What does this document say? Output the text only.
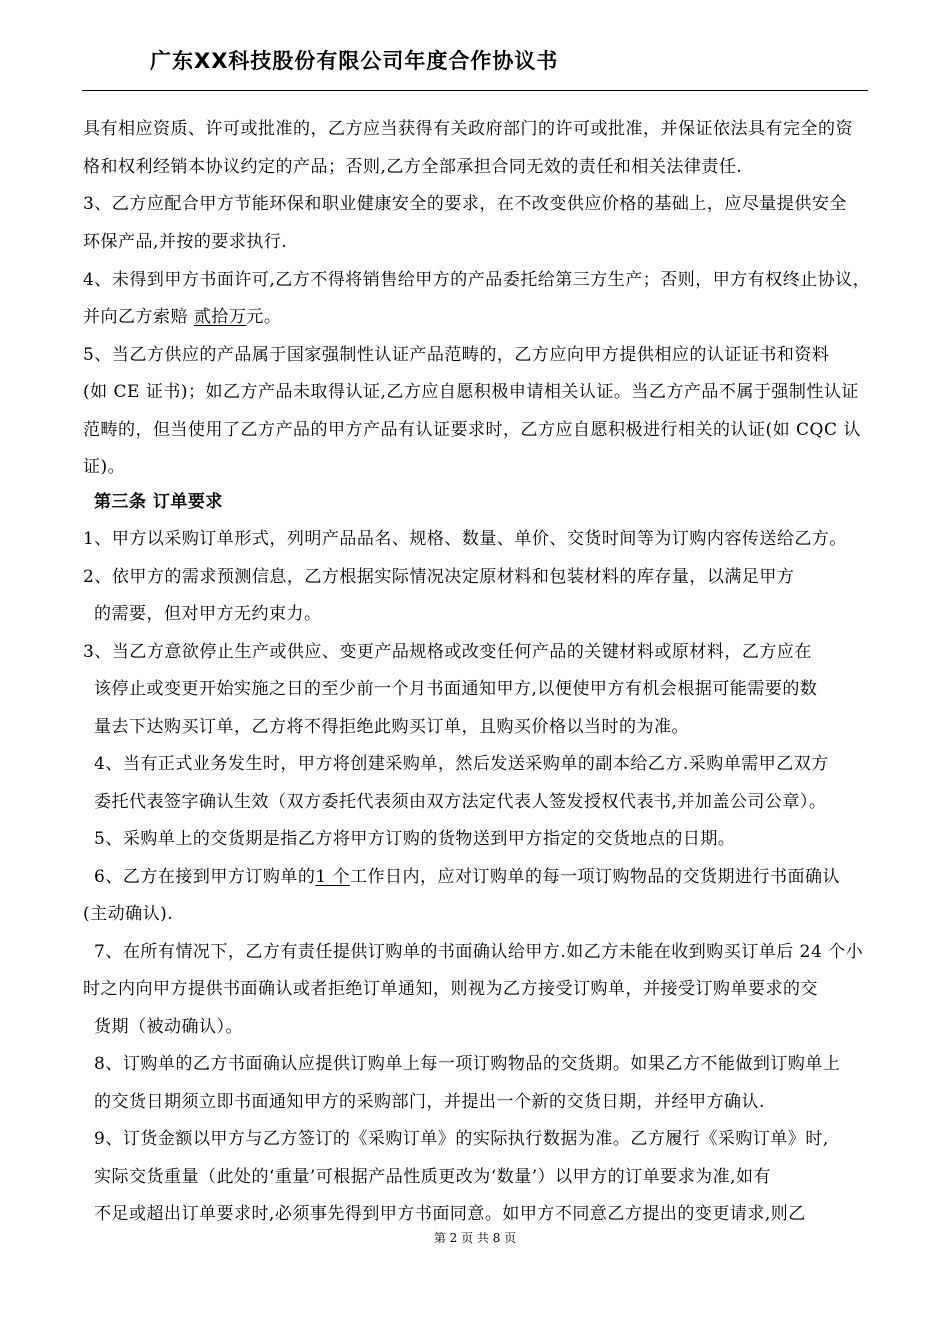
广东XX科技股份有限公司年度合作协议书
具有相应资质、许可或批准的，乙方应当获得有关政府部门的许可或批准，并保证依法具有完全的资
格和权利经销本协议约定的产品；否则,乙方全部承担合同无效的责任和相关法律责任.
3、乙方应配合甲方节能环保和职业健康安全的要求，在不改变供应价格的基础上，应尽量提供安全
环保产品,并按的要求执行.
4、未得到甲方书面许可,乙方不得将销售给甲方的产品委托给第三方生产；否则，甲方有权终止协议，
并向乙方索赔 贰拾万元。
5、当乙方供应的产品属于国家强制性认证产品范畴的，乙方应向甲方提供相应的认证证书和资料
(如 CE 证书)；如乙方产品未取得认证,乙方应自愿积极申请相关认证。当乙方产品不属于强制性认证
范畴的，但当使用了乙方产品的甲方产品有认证要求时，乙方应自愿积极进行相关的认证(如 CQC 认
证)。
第三条 订单要求
1、甲方以采购订单形式，列明产品品名、规格、数量、单价、交货时间等为订购内容传送给乙方。
2、依甲方的需求预测信息，乙方根据实际情况决定原材料和包装材料的库存量，以满足甲方
的需要，但对甲方无约束力。
3、当乙方意欲停止生产或供应、变更产品规格或改变任何产品的关键材料或原材料，乙方应在
该停止或变更开始实施之日的至少前一个月书面通知甲方,以便使甲方有机会根据可能需要的数
量去下达购买订单，乙方将不得拒绝此购买订单，且购买价格以当时的为准。
4、当有正式业务发生时，甲方将创建采购单，然后发送采购单的副本给乙方.采购单需甲乙双方
委托代表签字确认生效（双方委托代表须由双方法定代表人签发授权代表书,并加盖公司公章）。
5、采购单上的交货期是指乙方将甲方订购的货物送到甲方指定的交货地点的日期。
6、乙方在接到甲方订购单的1 个工作日内，应对订购单的每一项订购物品的交货期进行书面确认
(主动确认).
7、在所有情况下，乙方有责任提供订购单的书面确认给甲方.如乙方未能在收到购买订单后 24 个小
时之内向甲方提供书面确认或者拒绝订单通知，则视为乙方接受订购单，并接受订购单要求的交
货期（被动确认）。
8、订购单的乙方书面确认应提供订购单上每一项订购物品的交货期。如果乙方不能做到订购单上
的交货日期须立即书面通知甲方的采购部门，并提出一个新的交货日期，并经甲方确认.
9、订货金额以甲方与乙方签订的《采购订单》的实际执行数据为准。乙方履行《采购订单》时,
实际交货重量（此处的‘重量’可根据产品性质更改为‘数量’）以甲方的订单要求为准,如有
不足或超出订单要求时,必须事先得到甲方书面同意。如甲方不同意乙方提出的变更请求,则乙
第 2 页 共 8 页
